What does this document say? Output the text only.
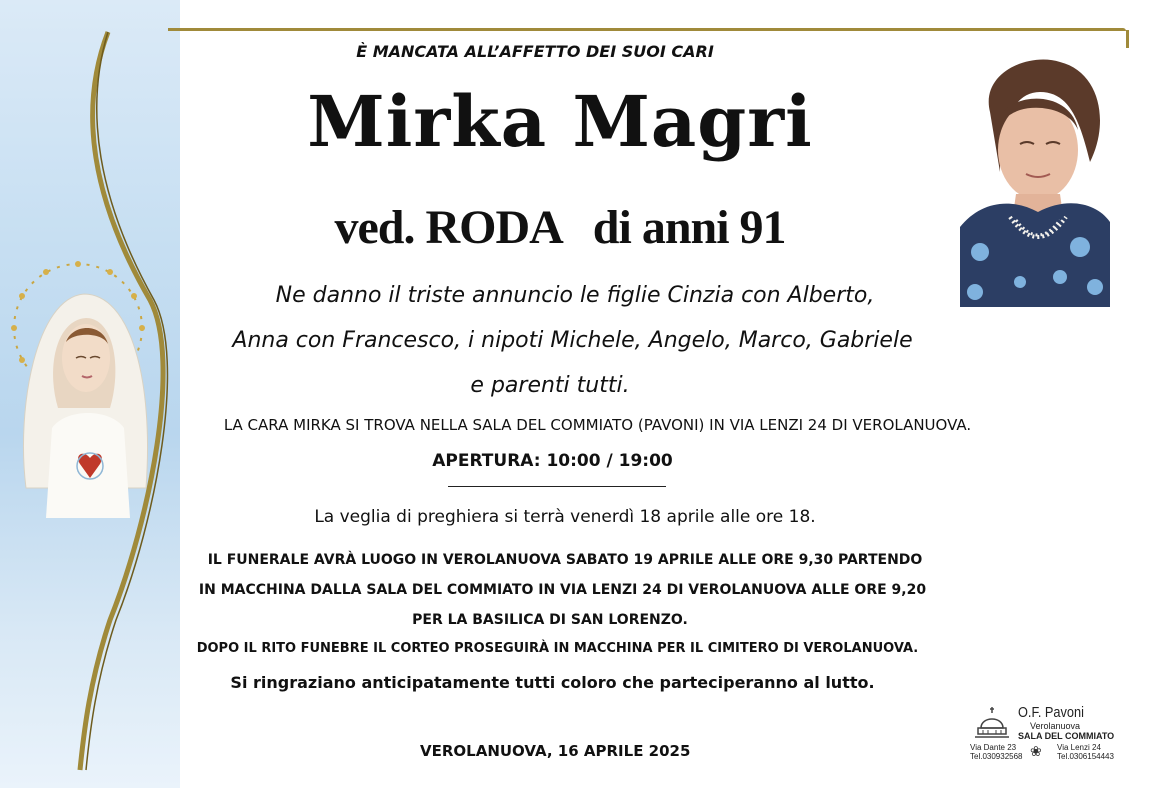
È MANCATA ALL’AFFETTO DEI SUOI CARI
Mirka Magri
ved. RODA di anni 91
Ne danno il triste annuncio le figlie Cinzia con Alberto,
Anna con Francesco, i nipoti Michele, Angelo, Marco, Gabriele
e parenti tutti.
LA CARA MIRKA SI TROVA NELLA SALA DEL COMMIATO (PAVONI) IN VIA LENZI 24 DI VEROLANUOVA.
APERTURA: 10:00 / 19:00
La veglia di preghiera si terrà venerdì 18 aprile alle ore 18.
IL FUNERALE AVRÀ LUOGO IN VEROLANUOVA SABATO 19 APRILE ALLE ORE 9,30 PARTENDO
IN MACCHINA DALLA SALA DEL COMMIATO IN VIA LENZI 24 DI VEROLANUOVA ALLE ORE 9,20
PER LA BASILICA DI SAN LORENZO.
DOPO IL RITO FUNEBRE IL CORTEO PROSEGUIRÀ IN MACCHINA PER IL CIMITERO DI VEROLANUOVA.
Si ringraziano anticipatamente tutti coloro che parteciperanno al lutto.
VEROLANUOVA, 16 APRILE 2025
O.F. Pavoni
Verolanuova
SALA DEL COMMIATO
Via Dante 23
Tel.030932568 ❀ Via Lenzi 24
Tel.0306154443
